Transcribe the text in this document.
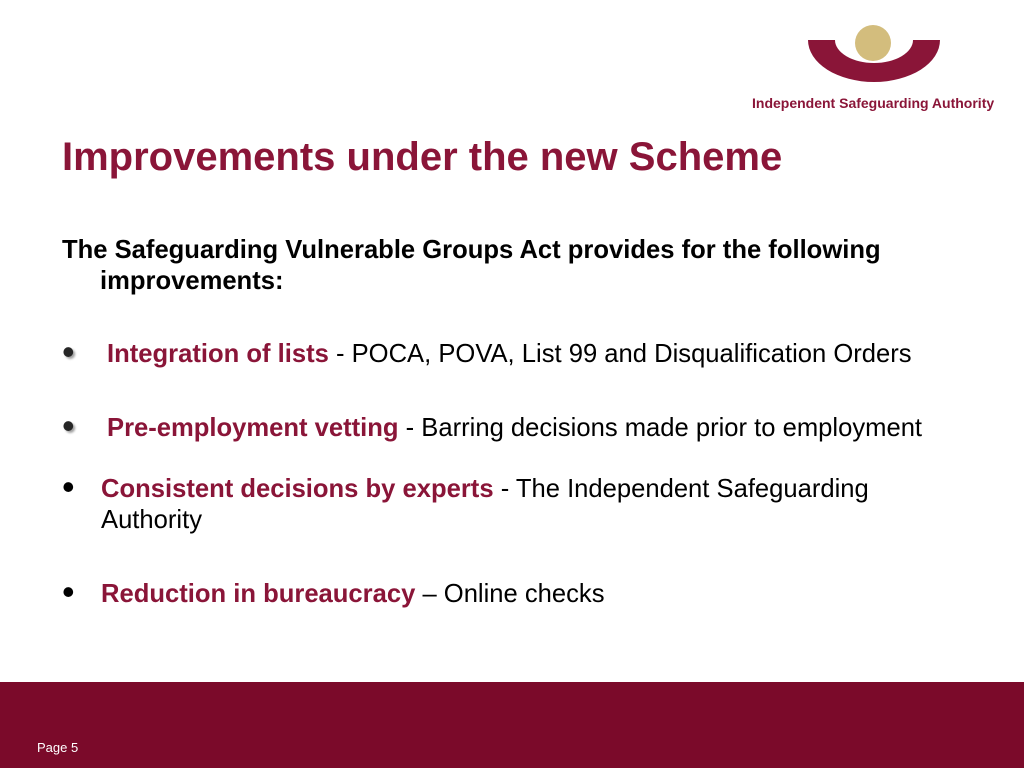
Independent Safeguarding Authority
Improvements under the new Scheme

The Safeguarding Vulnerable Groups Act provides for the following improvements:

•	Integration of lists - POCA, POVA, List 99 and Disqualification Orders
•	Pre-employment vetting - Barring decisions made prior to employment
•	Consistent decisions by experts - The Independent Safeguarding Authority
•	Reduction in bureaucracy – Online checks
Page 5
